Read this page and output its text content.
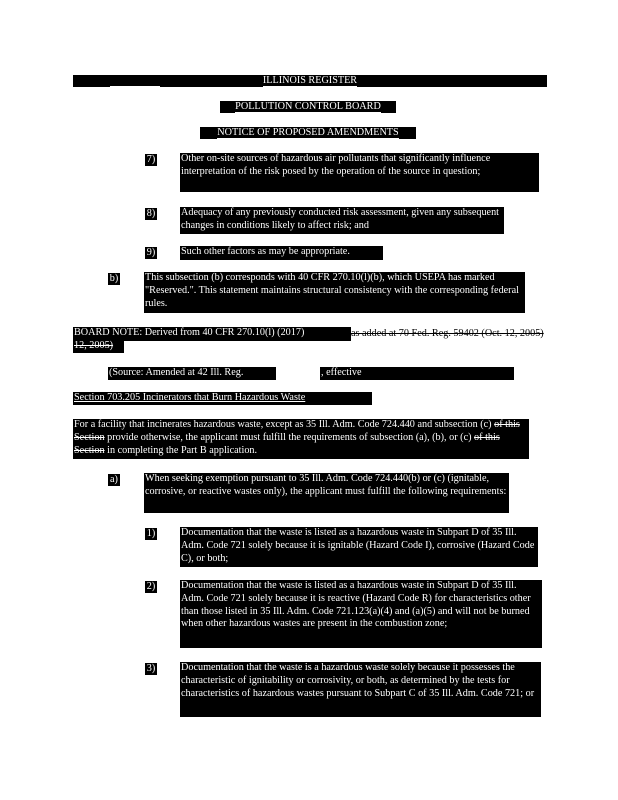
ILLINOIS REGISTER
POLLUTION CONTROL BOARD
NOTICE OF PROPOSED AMENDMENTS
7)	Other on-site sources of hazardous air pollutants that significantly influence interpretation of the risk posed by the operation of the source in question;

8)	Adequacy of any previously conducted risk assessment, given any subsequent changes in conditions likely to affect risk; and

9)	Such other factors as may be appropriate.

b)	This subsection (b) corresponds with 40 CFR 270.10(l)(b), which USEPA has marked "Reserved.". This statement maintains structural consistency with the corresponding federal rules.

BOARD NOTE: Derived from 40 CFR 270.10(l) (2017)	as added at 70 Fed. Reg. 59402 (Oct. 12, 2005)
12, 2005)
(Source: Amended at 42 Ill. Reg.	, effective	)
Section 703.205 Incinerators that Burn Hazardous Waste
For a facility that incinerates hazardous waste, except as 35 Ill. Adm. Code 724.440 and subsection (c) of this Section provide otherwise, the applicant must fulfill the requirements of subsection (a), (b), or (c) of this Section in completing the Part B application.
a)	When seeking exemption pursuant to 35 Ill. Adm. Code 724.440(b) or (c) (ignitable, corrosive, or reactive wastes only), the applicant must fulfill the following requirements:

1)	Documentation that the waste is listed as a hazardous waste in Subpart D of 35 Ill. Adm. Code 721 solely because it is ignitable (Hazard Code I), corrosive (Hazard Code C), or both;

2)	Documentation that the waste is listed as a hazardous waste in Subpart D of 35 Ill. Adm. Code 721 solely because it is reactive (Hazard Code R) for characteristics other than those listed in 35 Ill. Adm. Code 721.123(a)(4) and (a)(5) and will not be burned when other hazardous wastes are present in the combustion zone;

3)	Documentation that the waste is a hazardous waste solely because it possesses the characteristic of ignitability or corrosivity, or both, as determined by the tests for characteristics of hazardous wastes pursuant to Subpart C of 35 Ill. Adm. Code 721; or
